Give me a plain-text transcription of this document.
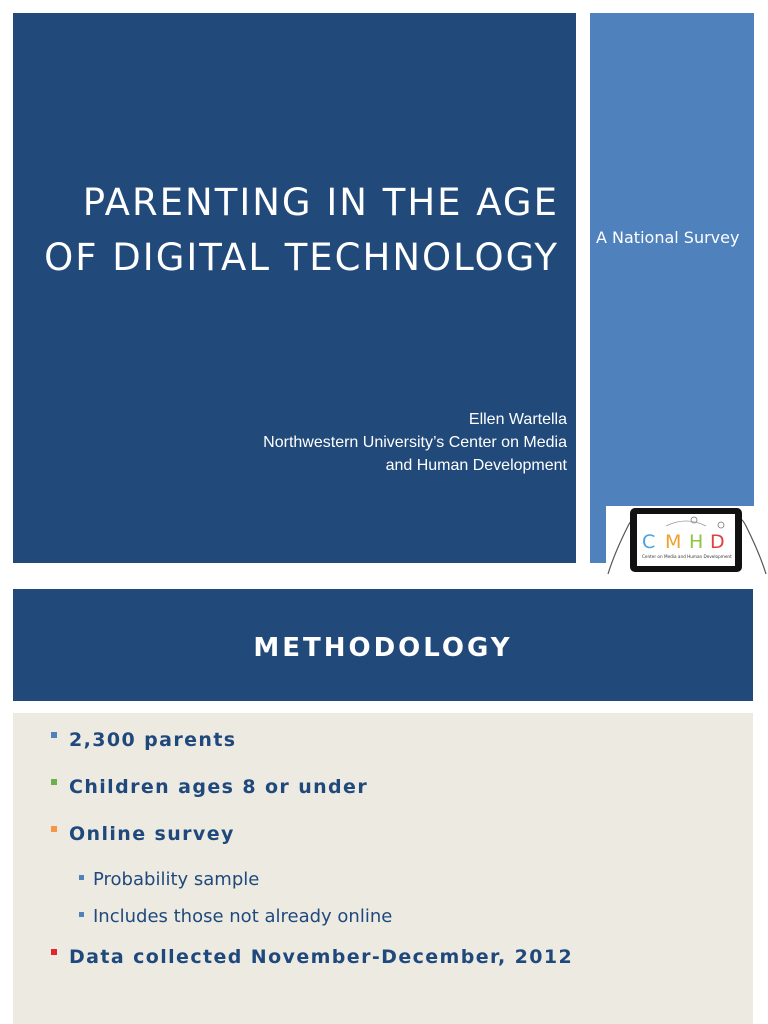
PARENTING IN THE AGE OF DIGITAL TECHNOLOGY
Ellen Wartella
Northwestern University’s Center on Media
and Human Development
A National Survey
C M H D
Center on Media and Human Development
METHODOLOGY
2,300 parents
Children ages 8 or under
Online survey
Probability sample
Includes those not already online
Data collected November-December, 2012
